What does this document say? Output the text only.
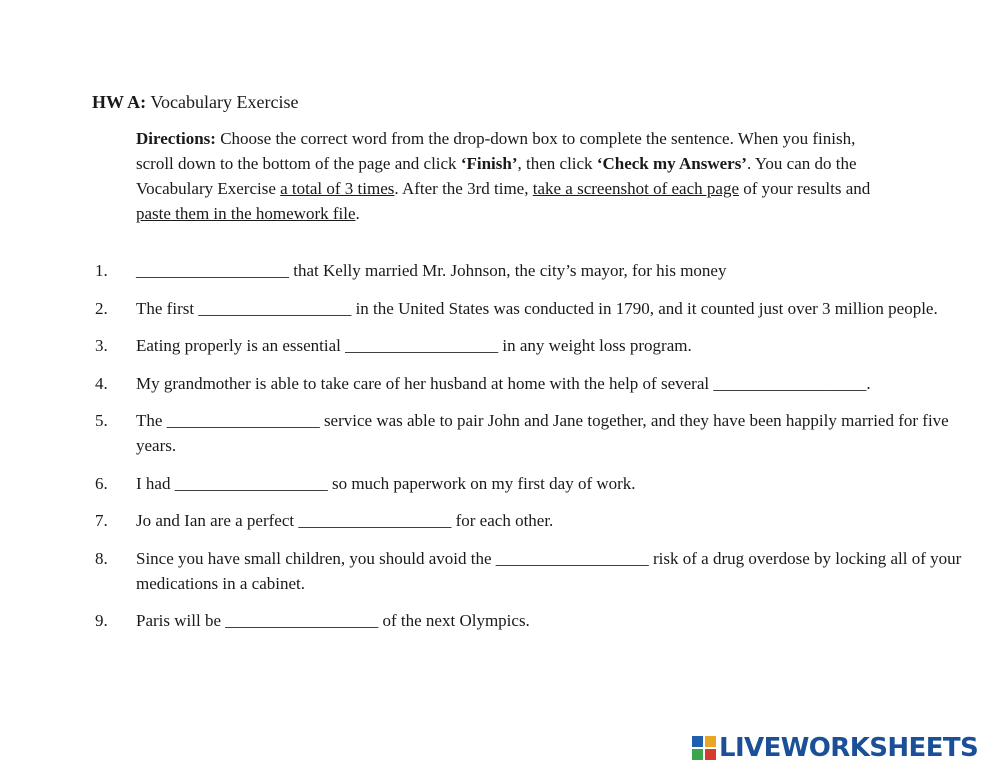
HW A: Vocabulary Exercise
Directions: Choose the correct word from the drop-down box to complete the sentence. When you finish, scroll down to the bottom of the page and click ‘Finish’, then click ‘Check my Answers’. You can do the Vocabulary Exercise a total of 3 times. After the 3rd time, take a screenshot of each page of your results and paste them in the homework file.
1.	__________________ that Kelly married Mr. Johnson, the city’s mayor, for his money
2.	The first __________________ in the United States was conducted in 1790, and it counted just over 3 million people.
3.	Eating properly is an essential __________________ in any weight loss program.
4.	My grandmother is able to take care of her husband at home with the help of several __________________.
5.	The __________________ service was able to pair John and Jane together, and they have been happily married for five years.
6.	I had __________________ so much paperwork on my first day of work.
7.	Jo and Ian are a perfect __________________ for each other.
8.	Since you have small children, you should avoid the __________________ risk of a drug overdose by locking all of your medications in a cabinet.
9.	Paris will be __________________ of the next Olympics.
LIVEWORKSHEETS
